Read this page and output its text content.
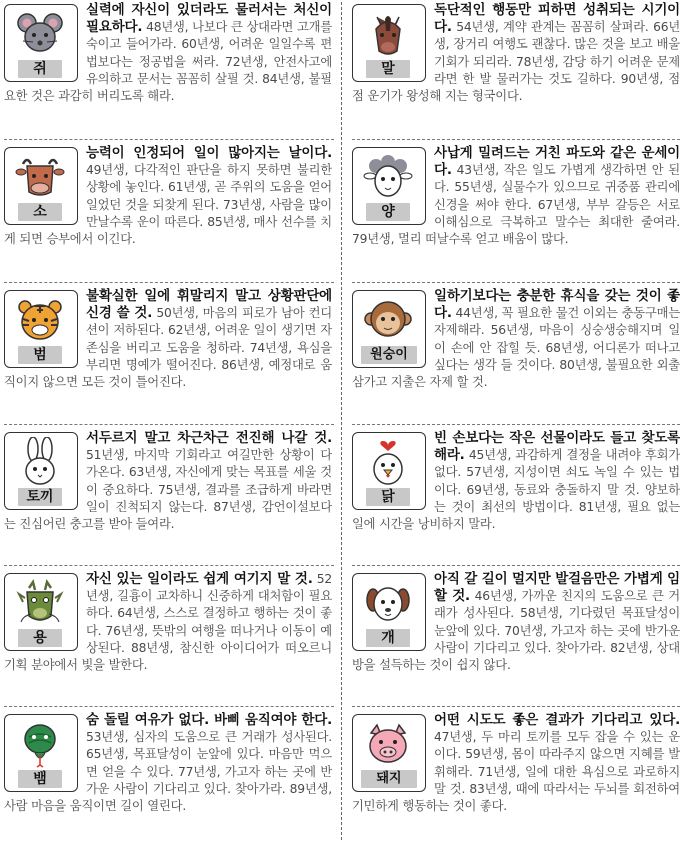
쥐

실력에 자신이 있더라도 물러서는 처신이 필요하다. 48년생, 나보다 큰 상대라면 고개를 숙이고 들어가라. 60년생, 어려운 일일수록 편법보다는 정공법을 써라. 72년생, 안전사고에 유의하고 문서는 꼼꼼히 살필 것. 84년생, 불필요한 것은 과감히 버리도록 해라.

말

독단적인 행동만 피하면 성취되는 시기이다. 54년생, 계약 관계는 꼼꼼히 살펴라. 66년생, 장거리 여행도 괜찮다. 많은 것을 보고 배울 기회가 되리라. 78년생, 감당 하기 어려운 문제 라면 한 발 물러가는 것도 길하다. 90년생, 점점 운기가 왕성해 지는 형국이다.

소

능력이 인정되어 일이 많아지는 날이다. 49년생, 다각적인 판단을 하지 못하면 불리한 상황에 놓인다. 61년생, 곧 주위의 도움을 얻어 일었던 것을 되찾게 된다. 73년생, 사람을 많이 만날수록 운이 따른다. 85년생, 매사 선수를 치게 되면 승부에서 이긴다.

양

사납게 밀려드는 거친 파도와 같은 운세이다. 43년생, 작은 일도 가볍게 생각하면 안 된다. 55년생, 실물수가 있으므로 귀중품 관리에 신경을 써야 한다. 67년생, 부부 갈등은 서로 이해심으로 극복하고 말수는 최대한 줄여라. 79년생, 멀리 떠날수록 얻고 배움이 많다.

범

불확실한 일에 휘말리지 말고 상황판단에 신경 쓸 것. 50년생, 마음의 피로가 남아 컨디션이 저하된다. 62년생, 어려운 일이 생기면 자존심을 버리고 도움을 청하라. 74년생, 욕심을 부리면 명예가 떨어진다. 86년생, 예정대로 움직이지 않으면 모든 것이 틀어진다.

원숭이

일하기보다는 충분한 휴식을 갖는 것이 좋다. 44년생, 꼭 필요한 물건 이외는 충동구매는 자제해라. 56년생, 마음이 싱숭생숭해지며 일이 손에 안 잡힐 듯. 68년생, 어디론가 떠나고 싶다는 생각 들 것이다. 80년생, 불필요한 외출 삼가고 지출은 자제 할 것.

토끼

서두르지 말고 차근차근 전진해 나갈 것. 51년생, 마지막 기회라고 여길만한 상황이 다가온다. 63년생, 자신에게 맞는 목표를 세울 것이 중요하다. 75년생, 결과를 조급하게 바라면 일이 진척되지 않는다. 87년생, 감언이설보다는 진심어린 충고를 받아 들여라.

닭

빈 손보다는 작은 선물이라도 들고 찾도록 해라. 45년생, 과감하게 결정을 내려야 후회가 없다. 57년생, 지성이면 쇠도 녹일 수 있는 법이다. 69년생, 동료와 충돌하지 말 것. 양보하는 것이 최선의 방법이다. 81년생, 필요 없는 일에 시간을 낭비하지 말라.

용

자신 있는 일이라도 쉽게 여기지 말 것. 52년생, 길흉이 교차하니 신중하게 대처함이 필요하다. 64년생, 스스로 결정하고 행하는 것이 좋다. 76년생, 뜻밖의 여행을 떠나거나 이동이 예상된다. 88년생, 참신한 아이디어가 떠오르니 기획 분야에서 빛을 발한다.

개

아직 갈 길이 멀지만 발걸음만은 가볍게 임할 것. 46년생, 가까운 친지의 도움으로 큰 거래가 성사된다. 58년생, 기다렸던 목표달성이 눈앞에 있다. 70년생, 가고자 하는 곳에 반가운 사람이 기다리고 있다. 찾아가라. 82년생, 상대방을 설득하는 것이 쉽지 않다.

뱀

숨 돌릴 여유가 없다. 바삐 움직여야 한다. 53년생, 심자의 도움으로 큰 거래가 성사된다. 65년생, 목표달성이 눈앞에 있다. 마음만 먹으면 얻을 수 있다. 77년생, 가고자 하는 곳에 반가운 사람이 기다리고 있다. 찾아가라. 89년생, 사람 마음을 움직이면 길이 열린다.

돼지

어떤 시도도 좋은 결과가 기다리고 있다. 47년생, 두 마리 토끼를 모두 잡을 수 있는 운이다. 59년생, 몸이 따라주지 않으면 지혜를 발휘해라. 71년생, 일에 대한 욕심으로 과로하지 말 것. 83년생, 때에 따라서는 두뇌를 회전하여 기민하게 행동하는 것이 좋다.
